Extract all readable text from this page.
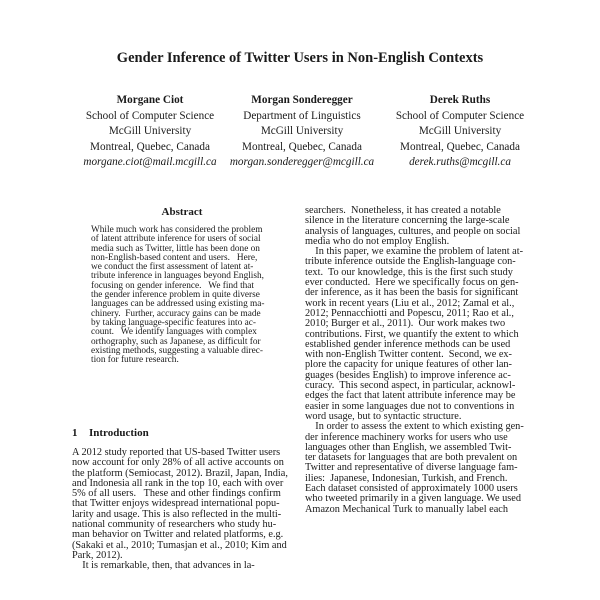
Gender Inference of Twitter Users in Non-English Contexts
Morgane Ciot
School of Computer Science
McGill University
Montreal, Quebec, Canada
morgane.ciot@mail.mcgill.ca
Morgan Sonderegger
Department of Linguistics
McGill University
Montreal, Quebec, Canada
morgan.sonderegger@mcgill.ca
Derek Ruths
School of Computer Science
McGill University
Montreal, Quebec, Canada
derek.ruths@mcgill.ca
Abstract
While much work has considered the problem
of latent attribute inference for users of social
media such as Twitter, little has been done on
non-English-based content and users.   Here,
we conduct the first assessment of latent at-
tribute inference in languages beyond English,
focusing on gender inference.   We find that
the gender inference problem in quite diverse
languages can be addressed using existing ma-
chinery.  Further, accuracy gains can be made
by taking language-specific features into ac-
count.   We identify languages with complex
orthography, such as Japanese, as difficult for
existing methods, suggesting a valuable direc-
tion for future research.
1 Introduction
A 2012 study reported that US-based Twitter users
now account for only 28% of all active accounts on
the platform (Semiocast, 2012). Brazil, Japan, India,
and Indonesia all rank in the top 10, each with over
5% of all users.   These and other findings confirm
that Twitter enjoys widespread international popu-
larity and usage. This is also reflected in the multi-
national community of researchers who study hu-
man behavior on Twitter and related platforms, e.g.
(Sakaki et al., 2010; Tumasjan et al., 2010; Kim and
Park, 2012).
It is remarkable, then, that advances in la-
searchers.  Nonetheless, it has created a notable
silence in the literature concerning the large-scale
analysis of languages, cultures, and people on social
media who do not employ English.
In this paper, we examine the problem of latent at-
tribute inference outside the English-language con-
text.  To our knowledge, this is the first such study
ever conducted.  Here we specifically focus on gen-
der inference, as it has been the basis for significant
work in recent years (Liu et al., 2012; Zamal et al.,
2012; Pennacchiotti and Popescu, 2011; Rao et al.,
2010; Burger et al., 2011).  Our work makes two
contributions. First, we quantify the extent to which
established gender inference methods can be used
with non-English Twitter content.  Second, we ex-
plore the capacity for unique features of other lan-
guages (besides English) to improve inference ac-
curacy.  This second aspect, in particular, acknowl-
edges the fact that latent attribute inference may be
easier in some languages due not to conventions in
word usage, but to syntactic structure.
In order to assess the extent to which existing gen-
der inference machinery works for users who use
languages other than English, we assembled Twit-
ter datasets for languages that are both prevalent on
Twitter and representative of diverse language fam-
ilies:  Japanese, Indonesian, Turkish, and French.
Each dataset consisted of approximately 1000 users
who tweeted primarily in a given language. We used
Amazon Mechanical Turk to manually label each
